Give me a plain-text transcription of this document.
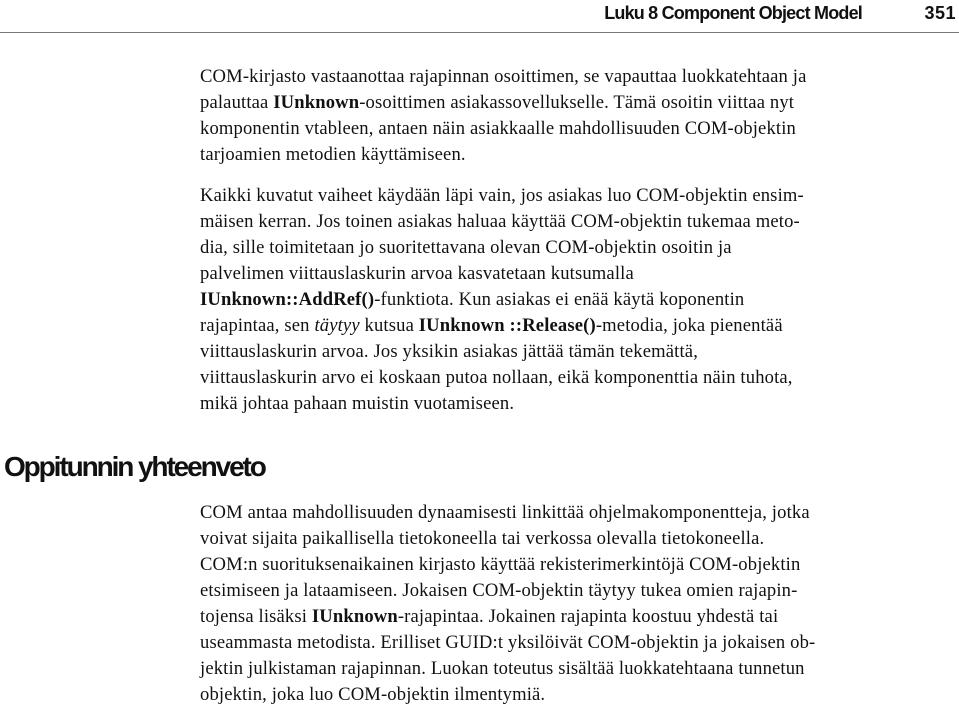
Luku 8 Component Object Model	351
COM-kirjasto vastaanottaa rajapinnan osoittimen, se vapauttaa luokkatehtaan ja
palauttaa IUnknown-osoittimen asiakassovellukselle. Tämä osoitin viittaa nyt
komponentin vtableen, antaen näin asiakkaalle mahdollisuuden COM-objektin
tarjoamien metodien käyttämiseen.
Kaikki kuvatut vaiheet käydään läpi vain, jos asiakas luo COM-objektin ensim-
mäisen kerran. Jos toinen asiakas haluaa käyttää COM-objektin tukemaa meto-
dia, sille toimitetaan jo suoritettavana olevan COM-objektin osoitin ja
palvelimen viittauslaskurin arvoa kasvatetaan kutsumalla
IUnknown::AddRef()-funktiota. Kun asiakas ei enää käytä koponentin
rajapintaa, sen täytyy kutsua IUnknown ::Release()-metodia, joka pienentää
viittauslaskurin arvoa. Jos yksikin asiakas jättää tämän tekemättä,
viittauslaskurin arvo ei koskaan putoa nollaan, eikä komponenttia näin tuhota,
mikä johtaa pahaan muistin vuotamiseen.
Oppitunnin yhteenveto
COM antaa mahdollisuuden dynaamisesti linkittää ohjelmakomponentteja, jotka
voivat sijaita paikallisella tietokoneella tai verkossa olevalla tietokoneella.
COM:n suorituksenaikainen kirjasto käyttää rekisterimerkintöjä COM-objektin
etsimiseen ja lataamiseen. Jokaisen COM-objektin täytyy tukea omien rajapin-
tojensa lisäksi IUnknown-rajapintaa. Jokainen rajapinta koostuu yhdestä tai
useammasta metodista. Erilliset GUID:t yksilöivät COM-objektin ja jokaisen ob-
jektin julkistaman rajapinnan. Luokan toteutus sisältää luokkatehtaana tunnetun
objektin, joka luo COM-objektin ilmentymiä.
